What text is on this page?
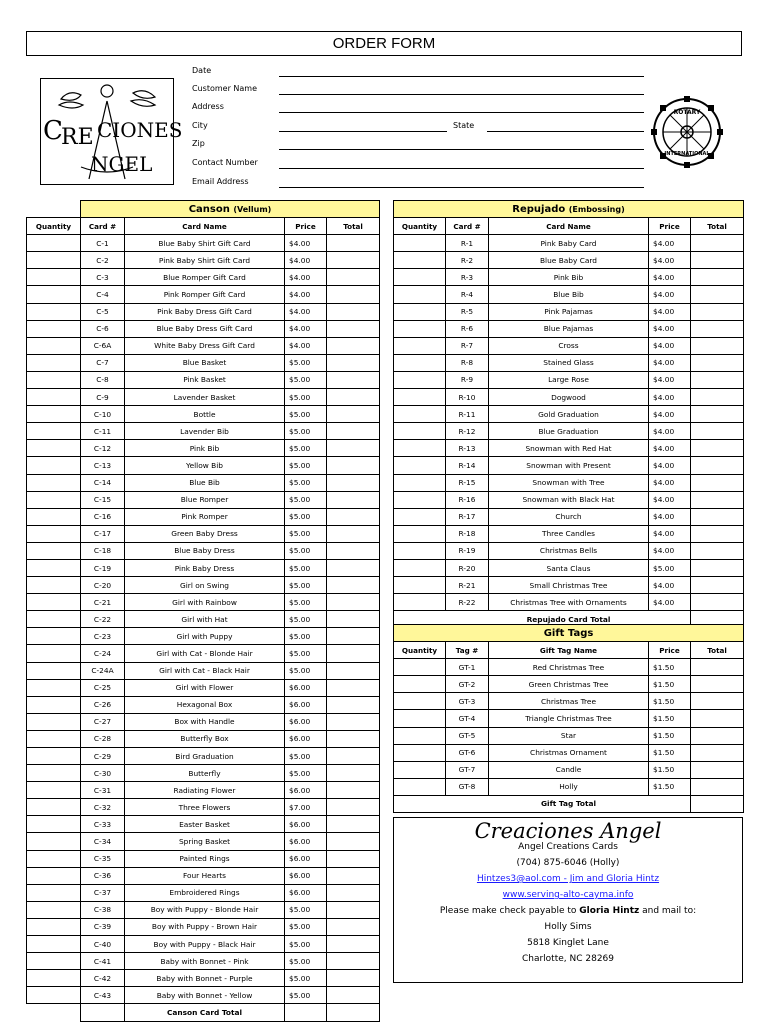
ORDER FORM
C
RE CIONES
NGEL
Date
Customer Name
Address
City	State
Zip
Contact Number
Email Address
ROTARY
INTERNATIONAL
	Canson (Vellum)			
Quantity	Card #	Card Name	Price	Total
	C-1	Blue Baby Shirt Gift Card	$4.00	
	C-2	Pink Baby Shirt Gift Card	$4.00	
	C-3	Blue Romper Gift Card	$4.00	
	C-4	Pink Romper Gift Card	$4.00	
	C-5	Pink Baby Dress Gift Card	$4.00	
	C-6	Blue Baby Dress Gift Card	$4.00	
	C-6A	White Baby Dress Gift Card	$4.00	
	C-7	Blue Basket	$5.00	
	C-8	Pink Basket	$5.00	
	C-9	Lavender Basket	$5.00	
	C-10	Bottle	$5.00	
	C-11	Lavender Bib	$5.00	
	C-12	Pink Bib	$5.00	
	C-13	Yellow Bib	$5.00	
	C-14	Blue Bib	$5.00	
	C-15	Blue Romper	$5.00	
	C-16	Pink Romper	$5.00	
	C-17	Green Baby Dress	$5.00	
	C-18	Blue Baby Dress	$5.00	
	C-19	Pink Baby Dress	$5.00	
	C-20	Girl on Swing	$5.00	
	C-21	Girl with Rainbow	$5.00	
	C-22	Girl with Hat	$5.00	
	C-23	Girl with Puppy	$5.00	
	C-24	Girl with Cat - Blonde Hair	$5.00	
	C-24A	Girl with Cat - Black Hair	$5.00	
	C-25	Girl with Flower	$6.00	
	C-26	Hexagonal Box	$6.00	
	C-27	Box with Handle	$6.00	
	C-28	Butterfly Box	$6.00	
	C-29	Bird Graduation	$5.00	
	C-30	Butterfly	$5.00	
	C-31	Radiating Flower	$6.00	
	C-32	Three Flowers	$7.00	
	C-33	Easter Basket	$6.00	
	C-34	Spring Basket	$6.00	
	C-35	Painted Rings	$6.00	
	C-36	Four Hearts	$6.00	
	C-37	Embroidered Rings	$6.00	
	C-38	Boy with Puppy - Blonde Hair	$5.00	
	C-39	Boy with Puppy - Brown Hair	$5.00	
	C-40	Boy with Puppy - Black Hair	$5.00	
	C-41	Baby with Bonnet - Pink	$5.00	
	C-42	Baby with Bonnet - Purple	$5.00	
	C-43	Baby with Bonnet - Yellow	$5.00	
		Canson Card Total		
Repujado (Embossing)				
Quantity	Card #	Card Name	Price	Total
	R-1	Pink Baby Card	$4.00	
	R-2	Blue Baby Card	$4.00	
	R-3	Pink Bib	$4.00	
	R-4	Blue Bib	$4.00	
	R-5	Pink Pajamas	$4.00	
	R-6	Blue Pajamas	$4.00	
	R-7	Cross	$4.00	
	R-8	Stained Glass	$4.00	
	R-9	Large Rose	$4.00	
	R-10	Dogwood	$4.00	
	R-11	Gold Graduation	$4.00	
	R-12	Blue Graduation	$4.00	
	R-13	Snowman with Red Hat	$4.00	
	R-14	Snowman with Present	$4.00	
	R-15	Snowman with Tree	$4.00	
	R-16	Snowman with Black Hat	$4.00	
	R-17	Church	$4.00	
	R-18	Three Candles	$4.00	
	R-19	Christmas Bells	$4.00	
	R-20	Santa Claus	$5.00	
	R-21	Small Christmas Tree	$4.00	
	R-22	Christmas Tree with Ornaments	$4.00	
		Repujado Card Total		
Gift Tags				
Quantity	Tag #	Gift Tag Name	Price	Total
	GT-1	Red Christmas Tree	$1.50	
	GT-2	Green Christmas Tree	$1.50	
	GT-3	Christmas Tree	$1.50	
	GT-4	Triangle Christmas Tree	$1.50	
	GT-5	Star	$1.50	
	GT-6	Christmas Ornament	$1.50	
	GT-7	Candle	$1.50	
	GT-8	Holly	$1.50	
		Gift Tag Total		
Creaciones Angel
Angel Creations Cards
(704) 875-6046 (Holly)
Hintzes3@aol.com - Jim and Gloria Hintz
www.serving-alto-cayma.info
Please make check payable to Gloria Hintz and mail to:
Holly Sims
5818 Kinglet Lane
Charlotte, NC 28269
